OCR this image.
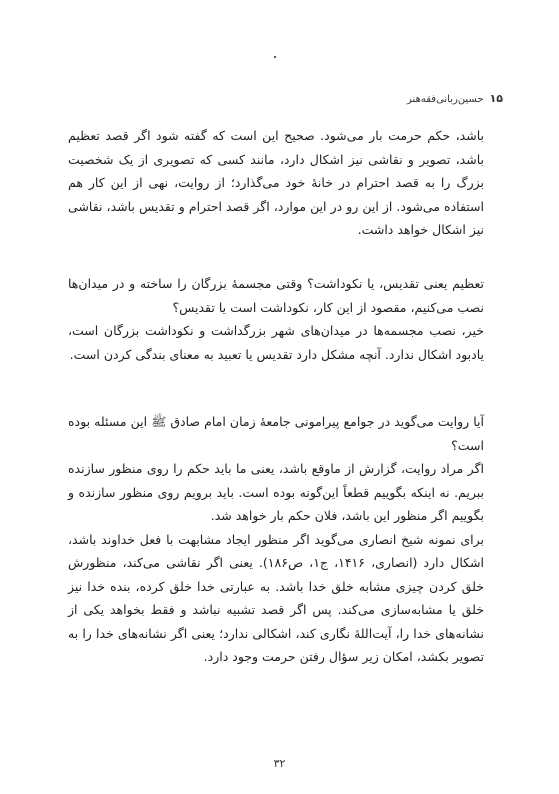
۱۵
حسین‌ربانی‌فقه‌هنر

باشد، حکم حرمت بار می‌شود. صحیح این است که گفته شود اگر قصد تعظیم باشد، تصویر و نقاشی نیز اشکال دارد، مانند کسی که تصویری از یک شخصیت بزرگ را به قصد احترام در خانهٔ خود می‌گذارد؛ از روایت، نهی از این کار هم استفاده می‌شود. از این رو در این موارد، اگر قصد احترام و تقدیس باشد، نقاشی نیز اشکال خواهد داشت.

تعظیم یعنی تقدیس، یا نکوداشت؟ وقتی مجسمهٔ بزرگان را ساخته و در میدان‌ها نصب می‌کنیم، مقصود از این کار، نکوداشت است یا تقدیس؟

خیر، نصب مجسمه‌ها در میدان‌های شهر بزرگداشت و نکوداشت بزرگان است، یادبود اشکال ندارد. آنچه مشکل دارد تقدیس یا تعبید به معنای بندگی کردن است.

آیا روایت می‌گوید در جوامع پیرامونی جامعهٔ زمان امام صادق ﷺ این مسئله بوده است؟

اگر مراد روایت، گزارش از ماوقع باشد، یعنی ما باید حکم را روی منظور سازنده ببریم. نه اینکه بگوییم قطعاً این‌گونه بوده است. باید برویم روی منظور سازنده و بگوییم اگر منظور این باشد، فلان حکم بار خواهد شد.

برای نمونه شیخ انصاری می‌گوید اگر منظور ایجاد مشابهت با فعل خداوند باشد، اشکال دارد (انصاری، ۱۴۱۶، ج۱، ص۱۸۶). یعنی اگر نقاشی می‌کند، منظورش خلق کردن چیزی مشابه خلق خدا باشد. به عبارتی خدا خلق کرده، بنده خدا نیز خلق یا مشابه‌سازی می‌کند. پس اگر قصد تشبیه نباشد و فقط بخواهد یکی از نشانه‌های خدا را، آیت‌اللهٔ نگاری کند، اشکالی ندارد؛ یعنی اگر نشانه‌های خدا را به تصویر بکشد، امکان زیر سؤال رفتن حرمت وجود دارد.

۳۲
